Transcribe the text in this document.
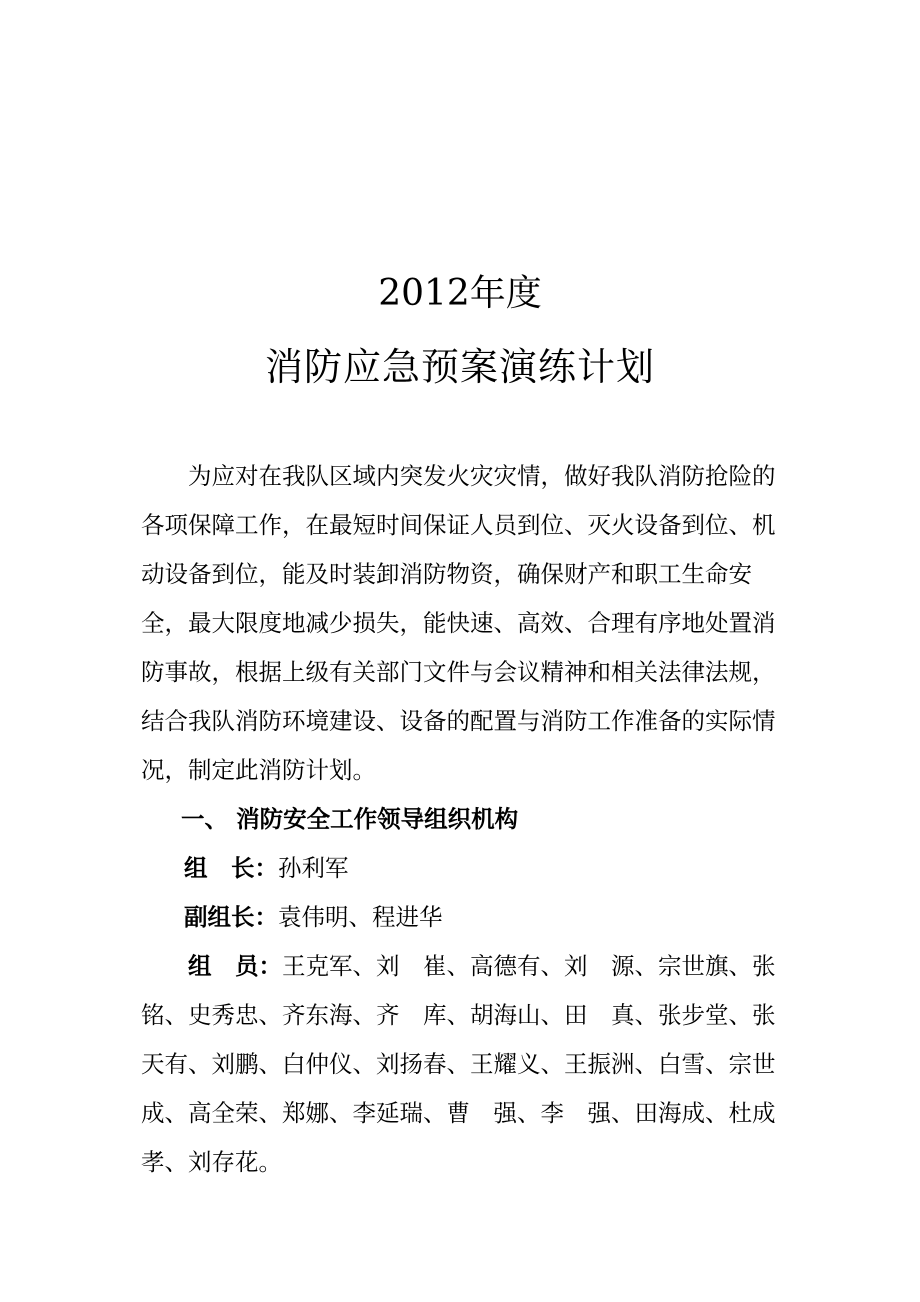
2012年度
消防应急预案演练计划

为应对在我队区域内突发火灾灾情，做好我队消防抢险的各项保障工作，在最短时间保证人员到位、灭火设备到位、机动设备到位，能及时装卸消防物资，确保财产和职工生命安全，最大限度地减少损失，能快速、高效、合理有序地处置消防事故，根据上级有关部门文件与会议精神和相关法律法规，结合我队消防环境建设、设备的配置与消防工作准备的实际情况，制定此消防计划。

一、 消防安全工作领导组织机构

组　长：孙利军

副组长：袁伟明、程进华

组　员：王克军、刘　崔、高德有、刘　源、宗世旗、张　铭、史秀忠、齐东海、齐　库、胡海山、田　真、张步堂、张天有、刘鹏、白仲仪、刘扬春、王耀义、王振洲、白雪、宗世成、高全荣、郑娜、李延瑞、曹　强、李　强、田海成、杜成孝、刘存花。
